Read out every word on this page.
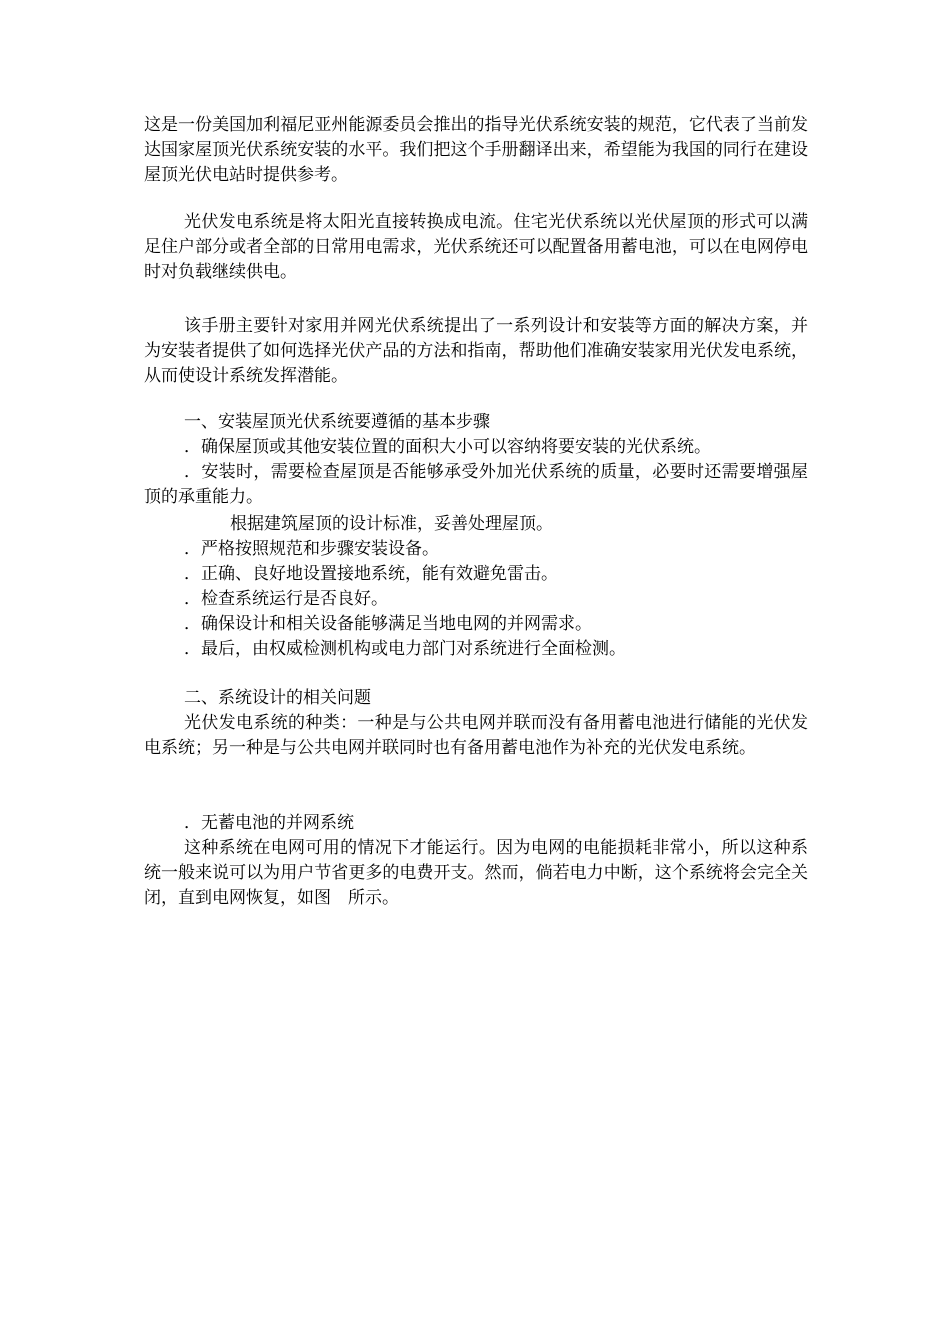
这是一份美国加利福尼亚州能源委员会推出的指导光伏系统安装的规范，它代表了当前发达国家屋顶光伏系统安装的水平。我们把这个手册翻译出来，希望能为我国的同行在建设屋顶光伏电站时提供参考。

光伏发电系统是将太阳光直接转换成电流。住宅光伏系统以光伏屋顶的形式可以满足住户部分或者全部的日常用电需求，光伏系统还可以配置备用蓄电池，可以在电网停电时对负载继续供电。

该手册主要针对家用并网光伏系统提出了一系列设计和安装等方面的解决方案，并为安装者提供了如何选择光伏产品的方法和指南，帮助他们准确安装家用光伏发电系统，从而使设计系统发挥潜能。

一、安装屋顶光伏系统要遵循的基本步骤
．确保屋顶或其他安装位置的面积大小可以容纳将要安装的光伏系统。

．安装时，需要检查屋顶是否能够承受外加光伏系统的质量，必要时还需要增强屋顶的承重能力。

根据建筑屋顶的设计标准，妥善处理屋顶。
．严格按照规范和步骤安装设备。
．正确、良好地设置接地系统，能有效避免雷击。
．检查系统运行是否良好。
．确保设计和相关设备能够满足当地电网的并网需求。
．最后，由权威检测机构或电力部门对系统进行全面检测。
二、系统设计的相关问题

光伏发电系统的种类：一种是与公共电网并联而没有备用蓄电池进行储能的光伏发电系统；另一种是与公共电网并联同时也有备用蓄电池作为补充的光伏发电系统。

．无蓄电池的并网系统

这种系统在电网可用的情况下才能运行。因为电网的电能损耗非常小，所以这种系统一般来说可以为用户节省更多的电费开支。然而，倘若电力中断，这个系统将会完全关闭，直到电网恢复，如图　所示。
